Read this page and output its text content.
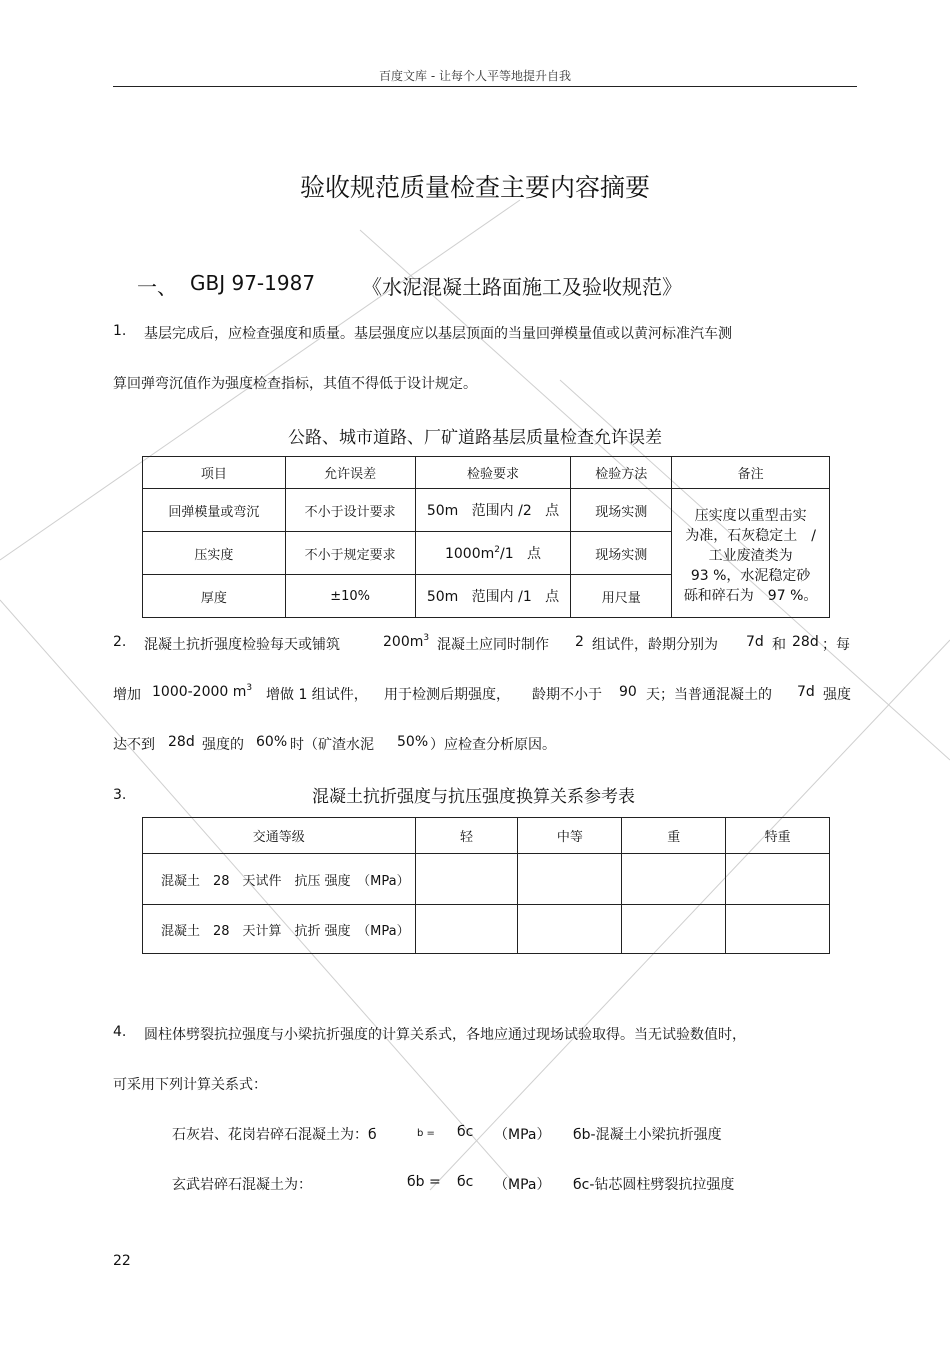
百度文库 - 让每个人平等地提升自我
验收规范质量检查主要内容摘要
一、 GBJ 97-1987 《水泥混凝土路面施工及验收规范》
1. 基层完成后，应检查强度和质量。基层强度应以基层顶面的当量回弹模量值或以黄河标准汽车测
算回弹弯沉值作为强度检查指标，其值不得低于设计规定。
公路、城市道路、厂矿道路基层质量检查允许误差
项目	允许误差	检验要求	检验方法	备注
回弹模量或弯沉	不小于设计要求	50m 范围内 /2 点	现场实测	压实度以重型击实
为准，石灰稳定土　/
工业废渣类为
93 %，水泥稳定砂
砾和碎石为　97 %。

压实度	不小于规定要求	$1000m^2/1$ 点	现场实测	
厚度	±10%	50m 范围内 /1 点	用尺量	
2. 混凝土抗折强度检验每天或铺筑	$200m^3$ 混凝土应同时制作 2 组试件，龄期分别为 7d 和 28d ；每
增加 1000-2000 $m^3$ 增做 1 组试件， 用于检测后期强度， 龄期不小于 90 天；当普通混凝土的 7d 强度
达不到 28d 强度的 60% 时（矿渣水泥 50% ）应检查分析原因。
3.	混凝土抗折强度与抗压强度换算关系参考表
交通等级	轻	中等	重	特重
混凝土　28　天试件　抗压 强度　（MPa）				
混凝土　28　天计算　抗折 强度　（MPa）				
4. 圆柱体劈裂抗拉强度与小梁抗折强度的计算关系式，各地应通过现场试验取得。当无试验数值时，
可采用下列计算关系式：
石灰岩、花岗岩碎石混凝土为：б	b = бc （MPa） бb-混凝土小梁抗折强度
玄武岩碎石混凝土为：	бb = бc （MPa） бc-钻芯圆柱劈裂抗拉强度
22
